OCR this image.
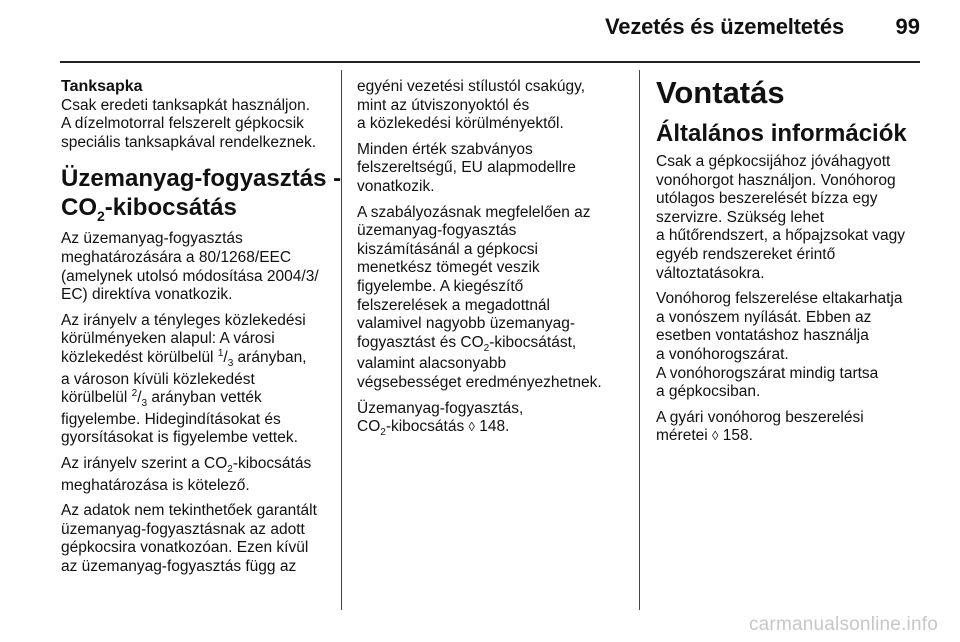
Vezetés és üzemeltetés 99
Tanksapka
Csak eredeti tanksapkát használjon.
A dízelmotorral felszerelt gépkocsik
speciális tanksapkával rendelkeznek.
Üzemanyag-fogyasztás -
$CO_2$-kibocsátás
Az üzemanyag-fogyasztás
meghatározására a 80/1268/EEC
(amelynek utolsó módosítása 2004/3/
EC) direktíva vonatkozik.
Az irányelv a tényleges közlekedési
körülményeken alapul: A városi
közlekedést körülbelül $^1/_3$ arányban,
a városon kívüli közlekedést
körülbelül $^2/_3$ arányban vették
figyelembe. Hidegindításokat és
gyorsításokat is figyelembe vettek.
Az irányelv szerint a $CO_2$-kibocsátás
meghatározása is kötelező.
Az adatok nem tekinthetőek garantált
üzemanyag-fogyasztásnak az adott
gépkocsira vonatkozóan. Ezen kívül
az üzemanyag-fogyasztás függ az
egyéni vezetési stílustól csakúgy,
mint az útviszonyoktól és
a közlekedési körülményektől.
Minden érték szabványos
felszereltségű, EU alapmodellre
vonatkozik.
A szabályozásnak megfelelően az
üzemanyag-fogyasztás
kiszámításánál a gépkocsi
menetkész tömegét veszik
figyelembe. A kiegészítő
felszerelések a megadottnál
valamivel nagyobb üzemanyag-
fogyasztást és $CO_2$-kibocsátást,
valamint alacsonyabb
végsebességet eredményezhetnek.
Üzemanyag-fogyasztás,
$CO_2$-kibocsátás ◊ 148.
Vontatás
Általános információk
Csak a gépkocsijához jóváhagyott
vonóhorgot használjon. Vonóhorog
utólagos beszerelését bízza egy
szervizre. Szükség lehet
a hűtőrendszert, a hőpajzsokat vagy
egyéb rendszereket érintő
változtatásokra.
Vonóhorog felszerelése eltakarhatja
a vonószem nyílását. Ebben az
esetben vontatáshoz használja
a vonóhorogszárat.
A vonóhorogszárat mindig tartsa
a gépkocsiban.
A gyári vonóhorog beszerelési
méretei ◊ 158.
carmanualsonline.info
